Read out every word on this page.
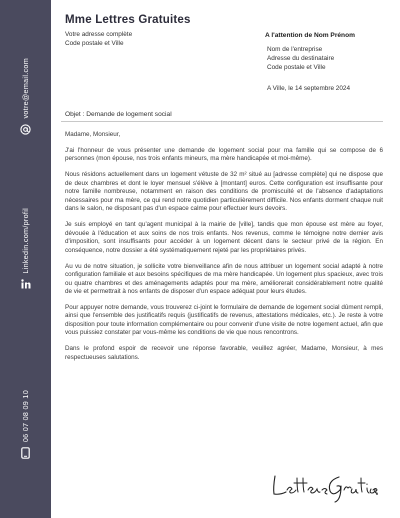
votre@email.com
Linkedin.com/profil
06 07 08 09 10
Mme Lettres Gratuites
Votre adresse complète
Code postale et Ville
A l'attention de Nom Prénom
Nom de l'entreprise
Adresse du destinataire
Code postale et Ville
A Ville, le 14 septembre 2024
Objet : Demande de logement social

Madame, Monsieur,

J'ai l'honneur de vous présenter une demande de logement social pour ma famille qui se compose de 6 personnes (mon épouse, nos trois enfants mineurs, ma mère handicapée et moi-même).

Nous résidons actuellement dans un logement vétuste de 32 m² situé au [adresse complète] qui ne dispose que de deux chambres et dont le loyer mensuel s'élève à [montant] euros. Cette configuration est insuffisante pour notre famille nombreuse, notamment en raison des conditions de promiscuité et de l'absence d'adaptations nécessaires pour ma mère, ce qui rend notre quotidien particulièrement difficile. Nos enfants dorment chaque nuit dans le salon, ne disposant pas d'un espace calme pour effectuer leurs devoirs.

Je suis employé en tant qu'agent municipal à la mairie de [ville], tandis que mon épouse est mère au foyer, dévouée à l'éducation et aux soins de nos trois enfants. Nos revenus, comme le témoigne notre dernier avis d'imposition, sont insuffisants pour accéder à un logement décent dans le secteur privé de la région. En conséquence, notre dossier a été systématiquement rejeté par les propriétaires privés.

Au vu de notre situation, je sollicite votre bienveillance afin de nous attribuer un logement social adapté à notre configuration familiale et aux besoins spécifiques de ma mère handicapée. Un logement plus spacieux, avec trois ou quatre chambres et des aménagements adaptés pour ma mère, améliorerait considérablement notre qualité de vie et permettrait à nos enfants de disposer d'un espace adéquat pour leurs études.

Pour appuyer notre demande, vous trouverez ci-joint le formulaire de demande de logement social dûment rempli, ainsi que l'ensemble des justificatifs requis (justificatifs de revenus, attestations médicales, etc.). Je reste à votre disposition pour toute information complémentaire ou pour convenir d'une visite de notre logement actuel, afin que vous puissiez constater par vous-même les conditions de vie que nous rencontrons.

Dans le profond espoir de recevoir une réponse favorable, veuillez agréer, Madame, Monsieur, à mes respectueuses salutations.
